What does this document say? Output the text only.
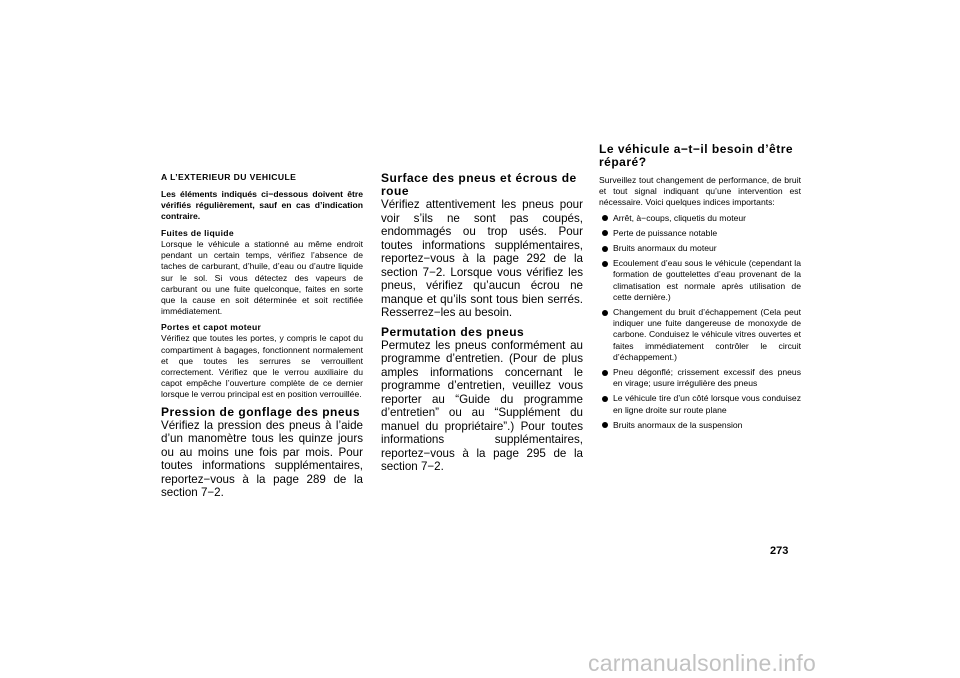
A L’EXTERIEUR DU VEHICULE

Les éléments indiqués ci−dessous doivent être vérifiés régulièrement, sauf en cas d’indication contraire.

Fuites de liquide

Lorsque le véhicule a stationné au même endroit pendant un certain temps, vérifiez l’absence de taches de carburant, d’huile, d’eau ou d’autre liquide sur le sol. Si vous détectez des vapeurs de carburant ou une fuite quelconque, faites en sorte que la cause en soit déterminée et soit rectifiée immédiatement.

Portes et capot moteur

Vérifiez que toutes les portes, y compris le capot du compartiment à bagages, fonctionnent normalement et que toutes les serrures se verrouillent correctement. Vérifiez que le verrou auxiliaire du capot empêche l’ouverture complète de ce dernier lorsque le verrou principal est en position verrouillée.

Pression de gonflage des pneus

Vérifiez la pression des pneus à l’aide d’un manomètre tous les quinze jours ou au moins une fois par mois. Pour toutes informations supplémentaires, reportez−vous à la page 289 de la section 7−2.

Surface des pneus et écrous de roue

Vérifiez attentivement les pneus pour voir s’ils ne sont pas coupés, endommagés ou trop usés. Pour toutes informations supplémentaires, reportez−vous à la page 292 de la section 7−2. Lorsque vous vérifiez les pneus, vérifiez qu’aucun écrou ne manque et qu’ils sont tous bien serrés. Resserrez−les au besoin.

Permutation des pneus

Permutez les pneus conformément au programme d’entretien. (Pour de plus amples informations concernant le programme d’entretien, veuillez vous reporter au “Guide du programme d’entretien” ou au “Supplément du manuel du propriétaire”.) Pour toutes informations supplémentaires, reportez−vous à la page 295 de la section 7−2.

Le véhicule a−t−il besoin d’être réparé?

Surveillez tout changement de performance, de bruit et tout signal indiquant qu’une intervention est nécessaire. Voici quelques indices importants:

Arrêt, à−coups, cliquetis du moteur
Perte de puissance notable
Bruits anormaux du moteur
Ecoulement d’eau sous le véhicule (cependant la formation de gouttelettes d’eau provenant de la climatisation est normale après utilisation de cette dernière.)
Changement du bruit d’échappement (Cela peut indiquer une fuite dangereuse de monoxyde de carbone. Conduisez le véhicule vitres ouvertes et faites immédiatement contrôler le circuit d’échappement.)
Pneu dégonflé; crissement excessif des pneus en virage; usure irrégulière des pneus
Le véhicule tire d’un côté lorsque vous conduisez en ligne droite sur route plane
Bruits anormaux de la suspension
273
carmanualsonline.info
